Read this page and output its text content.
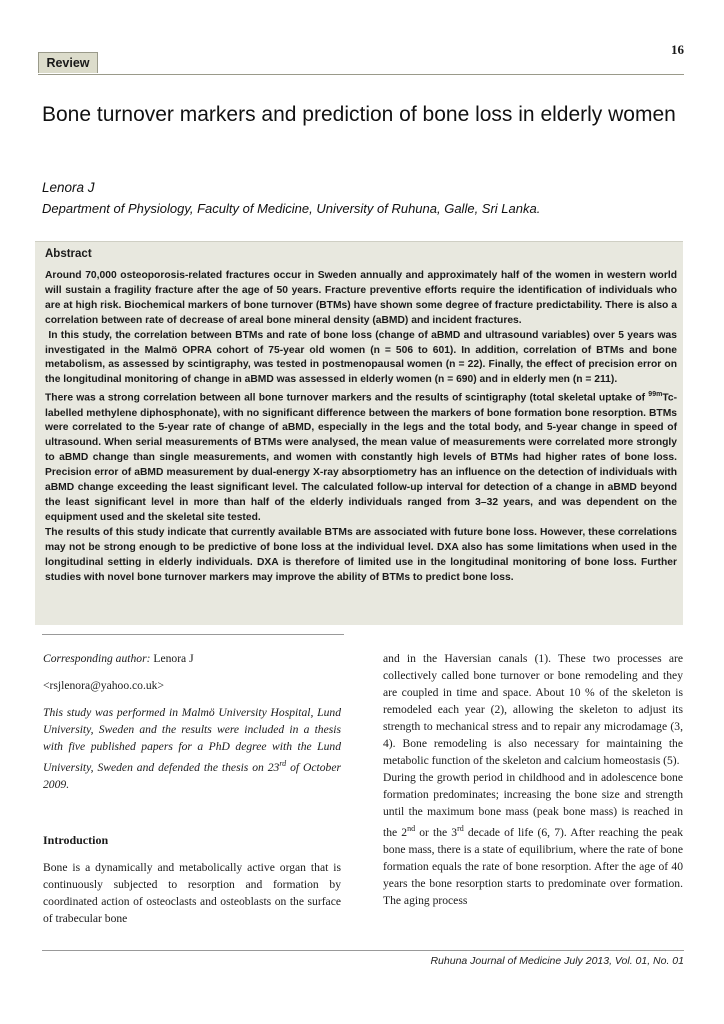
16
Review
Bone turnover markers and prediction of bone loss in elderly women
Lenora J
Department of Physiology, Faculty of Medicine, University of Ruhuna, Galle, Sri Lanka.
Abstract

Around 70,000 osteoporosis-related fractures occur in Sweden annually and approximately half of the women in western world will sustain a fragility fracture after the age of 50 years. Fracture preventive efforts require the identification of individuals who are at high risk. Biochemical markers of bone turnover (BTMs) have shown some degree of fracture predictability. There is also a correlation between rate of decrease of areal bone mineral density (aBMD) and incident fractures.

In this study, the correlation between BTMs and rate of bone loss (change of aBMD and ultrasound variables) over 5 years was investigated in the Malmö OPRA cohort of 75-year old women (n = 506 to 601). In addition, correlation of BTMs and bone metabolism, as assessed by scintigraphy, was tested in postmenopausal women (n = 22). Finally, the effect of precision error on the longitudinal monitoring of change in aBMD was assessed in elderly women (n = 690) and in elderly men (n = 211).

There was a strong correlation between all bone turnover markers and the results of scintigraphy (total skeletal uptake of $^{99m}$Tc-labelled methylene diphosphonate), with no significant difference between the markers of bone formation bone resorption. BTMs were correlated to the 5-year rate of change of aBMD, especially in the legs and the total body, and 5-year change in speed of ultrasound. When serial measurements of BTMs were analysed, the mean value of measurements were correlated more strongly to aBMD change than single measurements, and women with constantly high levels of BTMs had higher rates of bone loss. Precision error of aBMD measurement by dual-energy X-ray absorptiometry has an influence on the detection of individuals with aBMD change exceeding the least significant level. The calculated follow-up interval for detection of a change in aBMD beyond the least significant level in more than half of the elderly individuals ranged from 3–32 years, and was dependent on the equipment used and the skeletal site tested.

The results of this study indicate that currently available BTMs are associated with future bone loss. However, these correlations may not be strong enough to be predictive of bone loss at the individual level. DXA also has some limitations when used in the longitudinal setting in elderly individuals. DXA is therefore of limited use in the longitudinal monitoring of bone loss. Further studies with novel bone turnover markers may improve the ability of BTMs to predict bone loss.

Corresponding author: Lenora J

<rsjlenora@yahoo.co.uk>

This study was performed in Malmö University Hospital, Lund University, Sweden and the results were included in a thesis with five published papers for a PhD degree with the Lund University, Sweden and defended the thesis on 23rd of October 2009.

Introduction

Bone is a dynamically and metabolically active organ that is continuously subjected to resorption and formation by coordinated action of osteoclasts and osteoblasts on the surface of trabecular bone

and in the Haversian canals (1). These two processes are collectively called bone turnover or bone remodeling and they are coupled in time and space. About 10 % of the skeleton is remodeled each year (2), allowing the skeleton to adjust its strength to mechanical stress and to repair any microdamage (3, 4). Bone remodeling is also necessary for maintaining the metabolic function of the skeleton and calcium homeostasis (5).

During the growth period in childhood and in adolescence bone formation predominates; increasing the bone size and strength until the maximum bone mass (peak bone mass) is reached in the 2nd or the 3rd decade of life (6, 7). After reaching the peak bone mass, there is a state of equilibrium, where the rate of bone formation equals the rate of bone resorption. After the age of 40 years the bone resorption starts to predominate over formation. The aging process

Ruhuna Journal of Medicine July 2013, Vol. 01, No. 01
